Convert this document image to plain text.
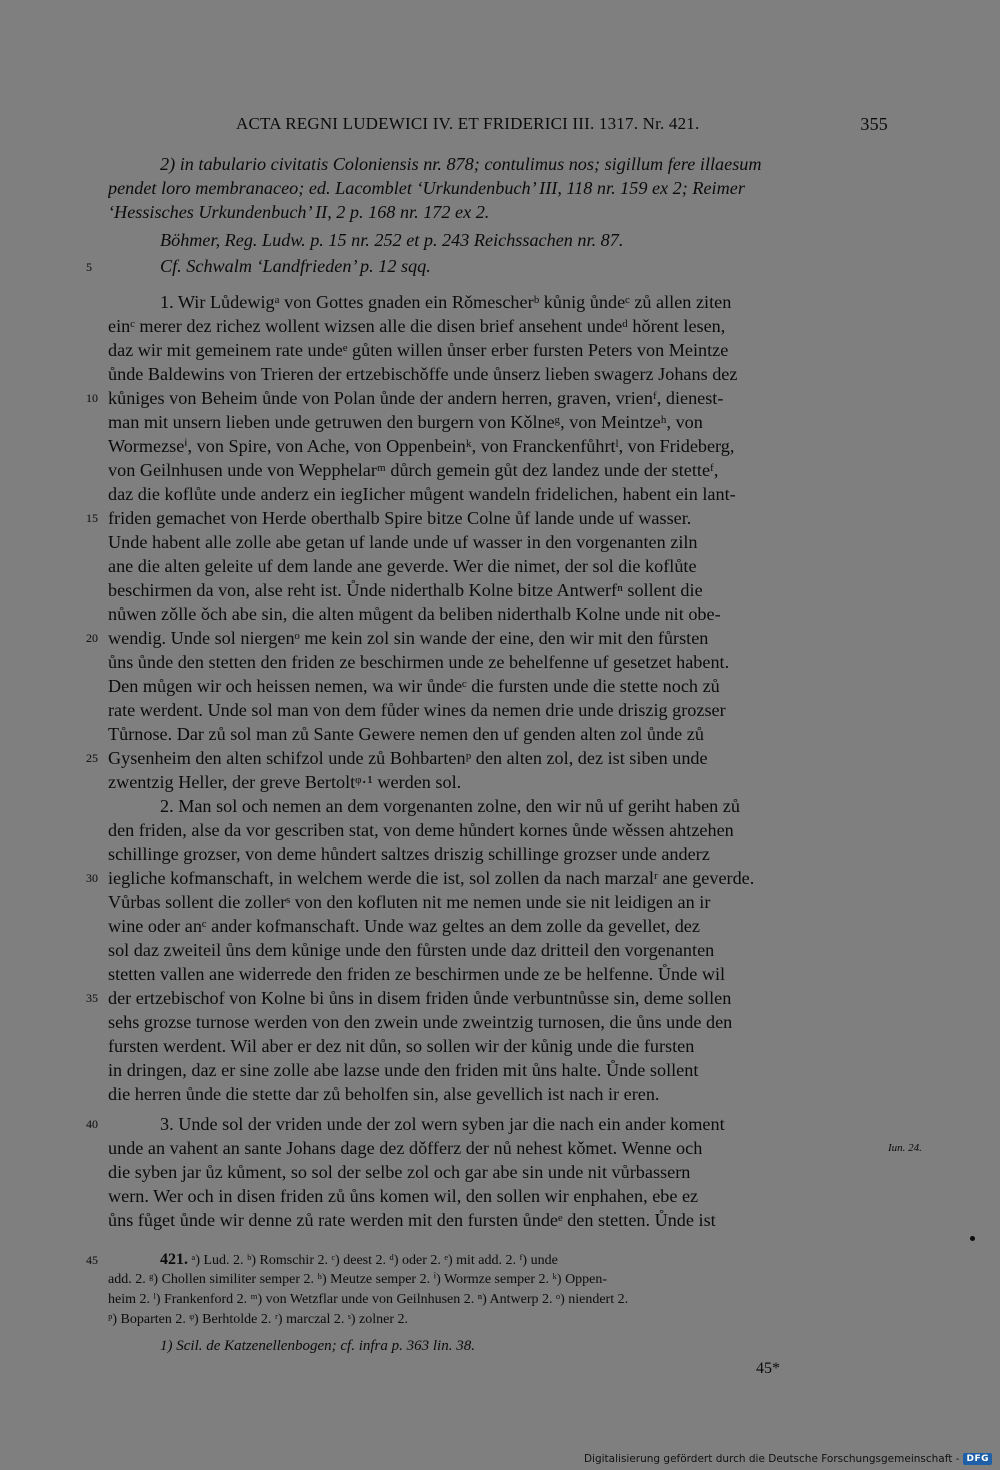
ACTA REGNI LUDEWICI IV. ET FRIDERICI III. 1317. Nr. 421.	355
2) in tabulario civitatis Coloniensis nr. 878; contulimus nos; sigillum fere illaesum
pendet loro membranaceo; ed. Lacomblet ‘Urkundenbuch’ III, 118 nr. 159 ex 2; Reimer
‘Hessisches Urkundenbuch’ II, 2 p. 168 nr. 172 ex 2.
Böhmer, Reg. Ludw. p. 15 nr. 252 et p. 243 Reichssachen nr. 87.
Cf. Schwalm ‘Landfrieden’ p. 12 sqq.
1. Wir Lůdewigᵃ von Gottes gnaden ein Rǒmescherᵇ kůnig ůndeᶜ zů allen ziten
einᶜ merer dez richez wollent wizsen alle die disen brief ansehent undeᵈ hǒrent lesen,
daz wir mit gemeinem rate undeᵉ gůten willen ůnser erber fursten Peters von Meintze
ůnde Baldewins von Trieren der ertzebischǒffe unde ůnserz lieben swagerz Johans dez
kůniges von Beheim ůnde von Polan ůnde der andern herren, graven, vrienᶠ, dienest-
man mit unsern lieben unde getruwen den burgern von Kǒlneᵍ, von Meintzeʰ, von
Wormezseⁱ, von Spire, von Ache, von Oppenbeinᵏ, von Franckenfůhrtˡ, von Frideberg,
von Geilnhusen unde von Wepphelarᵐ důrch gemein gůt dez landez unde der stetteᶠ,
daz die koflůte unde anderz ein iegIicher můgent wandeln fridelichen, habent ein lant-
friden gemachet von Herde oberthalb Spire bitze Colne ůf lande unde uf wasser.
Unde habent alle zolle abe getan uf lande unde uf wasser in den vorgenanten ziln
ane die alten geleite uf dem lande ane geverde. Wer die nimet, der sol die koflůte
beschirmen da von, alse reht ist. Ůnde niderthalb Kolne bitze Antwerfⁿ sollent die
nůwen zǒlle ǒch abe sin, die alten můgent da beliben niderthalb Kolne unde nit obe-
wendig. Unde sol niergenᵒ me kein zol sin wande der eine, den wir mit den fůrsten
ůns ůnde den stetten den friden ze beschirmen unde ze behelfenne uf gesetzet habent.
Den můgen wir och heissen nemen, wa wir ůndeᶜ die fursten unde die stette noch zů
rate werdent. Unde sol man von dem fůder wines da nemen drie unde driszig grozser
Tůrnose. Dar zů sol man zů Sante Gewere nemen den uf genden alten zol ůnde zů
Gysenheim den alten schifzol unde zů Bohbartenᵖ den alten zol, dez ist siben unde
zwentzig Heller, der greve Bertoltᵠ·¹ werden sol.
2. Man sol och nemen an dem vorgenanten zolne, den wir nů uf geriht haben zů
den friden, alse da vor gescriben stat, von deme hůndert kornes ůnde wěssen ahtzehen
schillinge grozser, von deme hůndert saltzes driszig schillinge grozser unde anderz
iegliche kofmanschaft, in welchem werde die ist, sol zollen da nach marzalʳ ane geverde.
Vůrbas sollent die zollerˢ von den kofluten nit me nemen unde sie nit leidigen an ir
wine oder anᶜ ander kofmanschaft. Unde waz geltes an dem zolle da gevellet, dez
sol daz zweiteil ůns dem kůnige unde den fůrsten unde daz dritteil den vorgenanten
stetten vallen ane widerrede den friden ze beschirmen unde ze be helfenne. Ůnde wil
der ertzebischof von Kolne bi ůns in disem friden ůnde verbuntnůsse sin, deme sollen
sehs grozse turnose werden von den zwein unde zweintzig turnosen, die ůns unde den
fursten werdent. Wil aber er dez nit důn, so sollen wir der kůnig unde die fursten
in dringen, daz er sine zolle abe lazse unde den friden mit ůns halte. Ůnde sollent
die herren ůnde die stette dar zů beholfen sin, alse gevellich ist nach ir eren.
3. Unde sol der vriden unde der zol wern syben jar die nach ein ander koment
unde an vahent an sante Johans dage dez dǒfferz der nů nehest kǒmet. Wenne och
die syben jar ůz kůment, so sol der selbe zol och gar abe sin unde nit vůrbassern
wern. Wer och in disen friden zů ůns komen wil, den sollen wir enphahen, ebe ez
ůns fůget ůnde wir denne zů rate werden mit den fursten ůndeᵉ den stetten. Ůnde ist
5
10
15
20
25
30
35
40
45
Iun. 24.
421. ᵃ) Lud. 2. ᵇ) Romschir 2. ᶜ) deest 2. ᵈ) oder 2. ᵉ) mit add. 2. ᶠ) unde
add. 2. ᵍ) Chollen similiter semper 2. ʰ) Meutze semper 2. ⁱ) Wormze semper 2. ᵏ) Oppen-
heim 2. ˡ) Frankenford 2. ᵐ) von Wetzflar unde von Geilnhusen 2. ⁿ) Antwerp 2. ᵒ) niendert 2.
ᵖ) Boparten 2. ᵠ) Berhtolde 2. ʳ) marczal 2. ˢ) zolner 2.
1) Scil. de Katzenellenbogen; cf. infra p. 363 lin. 38.
45*
Digitalisierung gefördert durch die Deutsche Forschungsgemeinschaft - DFG
